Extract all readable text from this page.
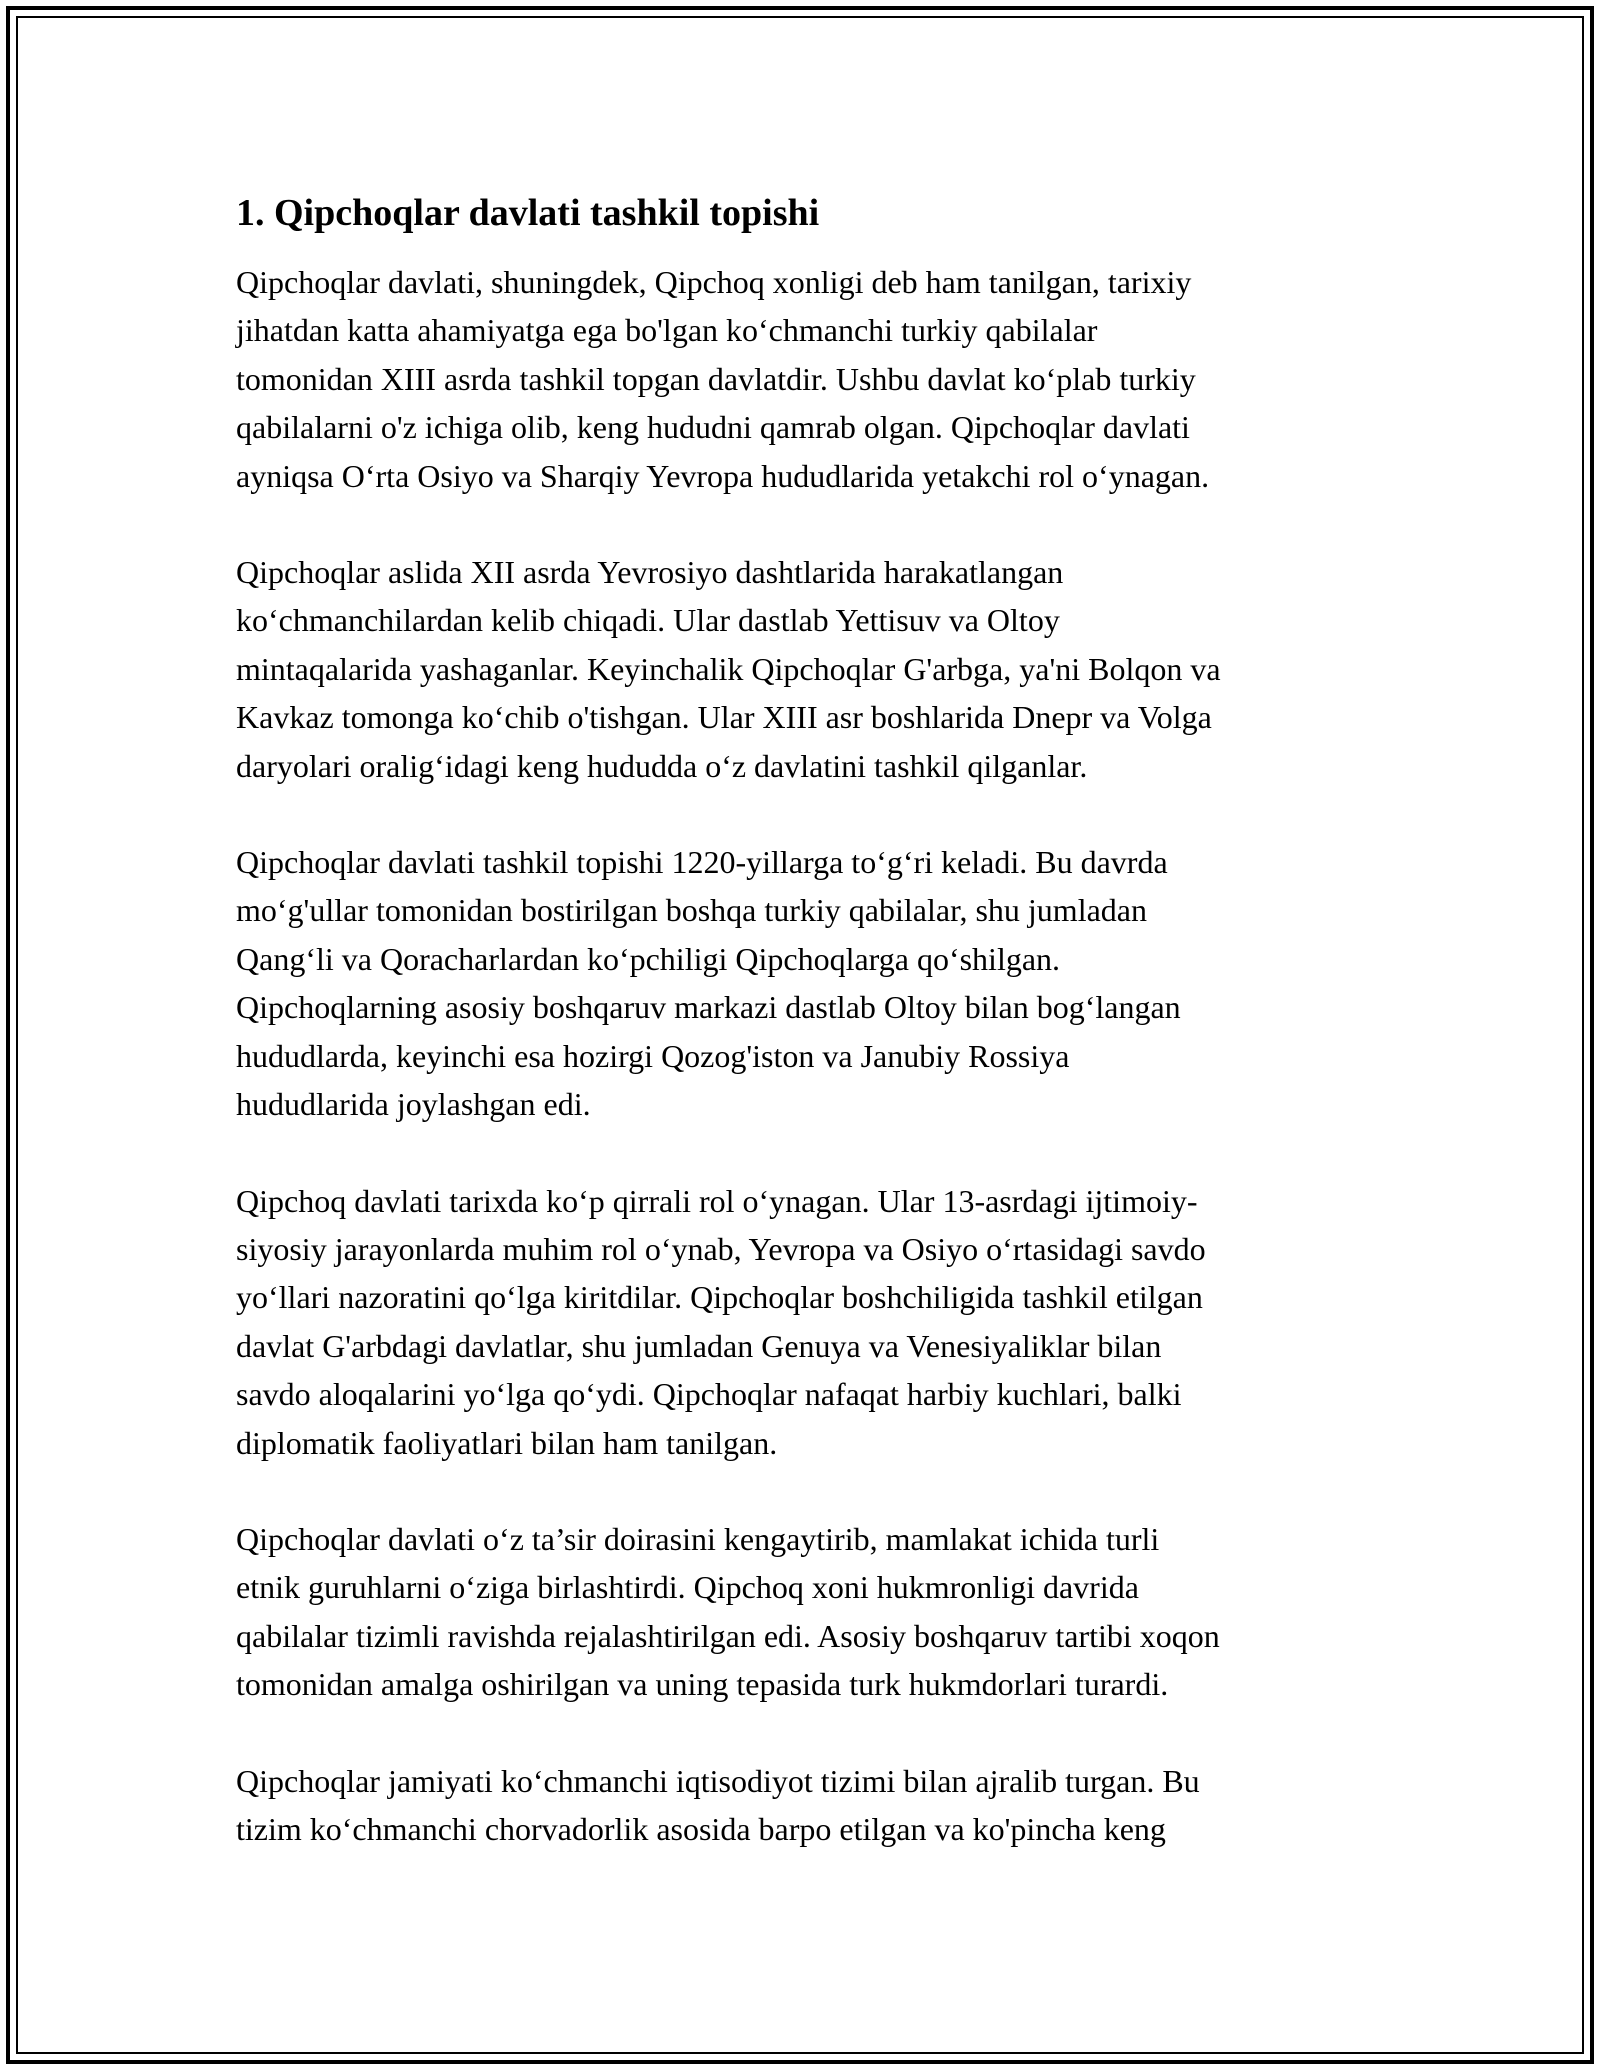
1. Qipchoqlar davlati tashkil topishi

Qipchoqlar davlati, shuningdek, Qipchoq xonligi deb ham tanilgan, tarixiy
jihatdan katta ahamiyatga ega bo'lgan ko‘chmanchi turkiy qabilalar
tomonidan XIII asrda tashkil topgan davlatdir. Ushbu davlat ko‘plab turkiy
qabilalarni o'z ichiga olib, keng hududni qamrab olgan. Qipchoqlar davlati
ayniqsa O‘rta Osiyo va Sharqiy Yevropa hududlarida yetakchi rol o‘ynagan.

Qipchoqlar aslida XII asrda Yevrosiyo dashtlarida harakatlangan
ko‘chmanchilardan kelib chiqadi. Ular dastlab Yettisuv va Oltoy
mintaqalarida yashaganlar. Keyinchalik Qipchoqlar G'arbga, ya'ni Bolqon va
Kavkaz tomonga ko‘chib o'tishgan. Ular XIII asr boshlarida Dnepr va Volga
daryolari oralig‘idagi keng hududda o‘z davlatini tashkil qilganlar.

Qipchoqlar davlati tashkil topishi 1220-yillarga to‘g‘ri keladi. Bu davrda
mo‘g'ullar tomonidan bostirilgan boshqa turkiy qabilalar, shu jumladan
Qang‘li va Qoracharlardan ko‘pchiligi Qipchoqlarga qo‘shilgan.
Qipchoqlarning asosiy boshqaruv markazi dastlab Oltoy bilan bog‘langan
hududlarda, keyinchi esa hozirgi Qozog'iston va Janubiy Rossiya
hududlarida joylashgan edi.

Qipchoq davlati tarixda ko‘p qirrali rol o‘ynagan. Ular 13-asrdagi ijtimoiy-
siyosiy jarayonlarda muhim rol o‘ynab, Yevropa va Osiyo o‘rtasidagi savdo
yo‘llari nazoratini qo‘lga kiritdilar. Qipchoqlar boshchiligida tashkil etilgan
davlat G'arbdagi davlatlar, shu jumladan Genuya va Venesiyaliklar bilan
savdo aloqalarini yo‘lga qo‘ydi. Qipchoqlar nafaqat harbiy kuchlari, balki
diplomatik faoliyatlari bilan ham tanilgan.

Qipchoqlar davlati o‘z ta’sir doirasini kengaytirib, mamlakat ichida turli
etnik guruhlarni o‘ziga birlashtirdi. Qipchoq xoni hukmronligi davrida
qabilalar tizimli ravishda rejalashtirilgan edi. Asosiy boshqaruv tartibi xoqon
tomonidan amalga oshirilgan va uning tepasida turk hukmdorlari turardi.

Qipchoqlar jamiyati ko‘chmanchi iqtisodiyot tizimi bilan ajralib turgan. Bu
tizim ko‘chmanchi chorvadorlik asosida barpo etilgan va ko'pincha keng
